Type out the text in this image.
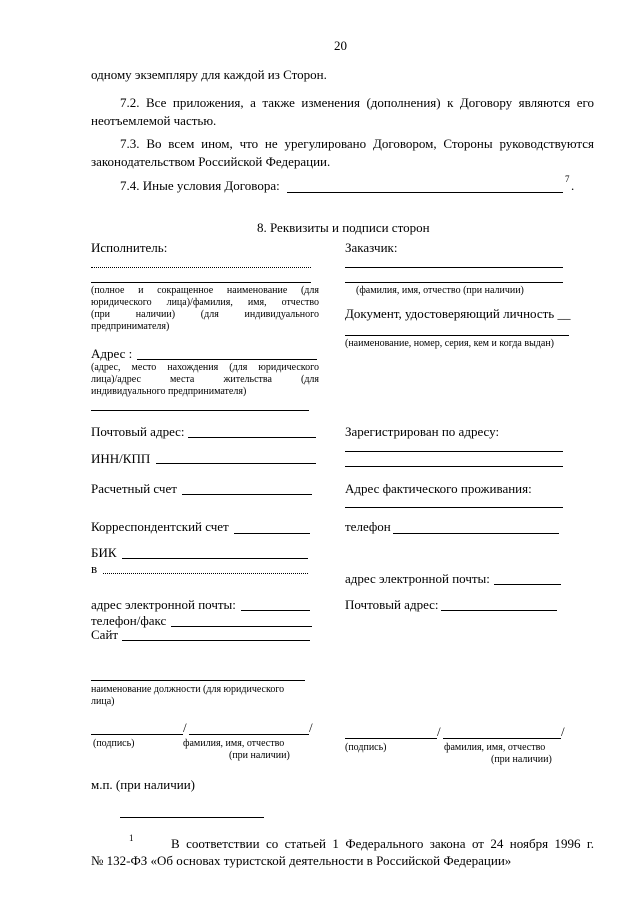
20
одному экземпляру для каждой из Сторон.
7.2. Все приложения, а также изменения (дополнения) к Договору являются его
неотъемлемой частью.
7.3. Во всем ином, что не урегулировано Договором, Стороны руководствуются
законодательством Российской Федерации.
7.4. Иные условия Договора:	7 .
8. Реквизиты и подписи сторон
Исполнитель:
(полное и сокращенное наименование (для
юридического лица)/фамилия, имя, отчество
(при наличии) (для индивидуального
предпринимателя)
Адрес :
(адрес, место нахождения (для юридического
лица)/адрес места жительства (для
индивидуального предпринимателя)
Почтовый адрес:
ИНН/КПП
Расчетный счет
Корреспондентский счет
БИК
в
адрес электронной почты:
телефон/факс
Сайт
наименование должности (для юридического
лица)
/	/
(подпись)	фамилия, имя, отчество
(при наличии)
м.п. (при наличии)
Заказчик:
(фамилия, имя, отчество (при наличии)
Документ, удостоверяющий личность __
(наименование, номер, серия, кем и когда выдан)
Зарегистрирован по адресу:
Адрес фактического проживания:
телефон
адрес электронной почты:
Почтовый адрес:
/	/
(подпись)	фамилия, имя, отчество
(при наличии)
1	В соответствии со статьей 1 Федерального закона от 24 ноября 1996 г.
№ 132-ФЗ «Об основах туристской деятельности в Российской Федерации»
